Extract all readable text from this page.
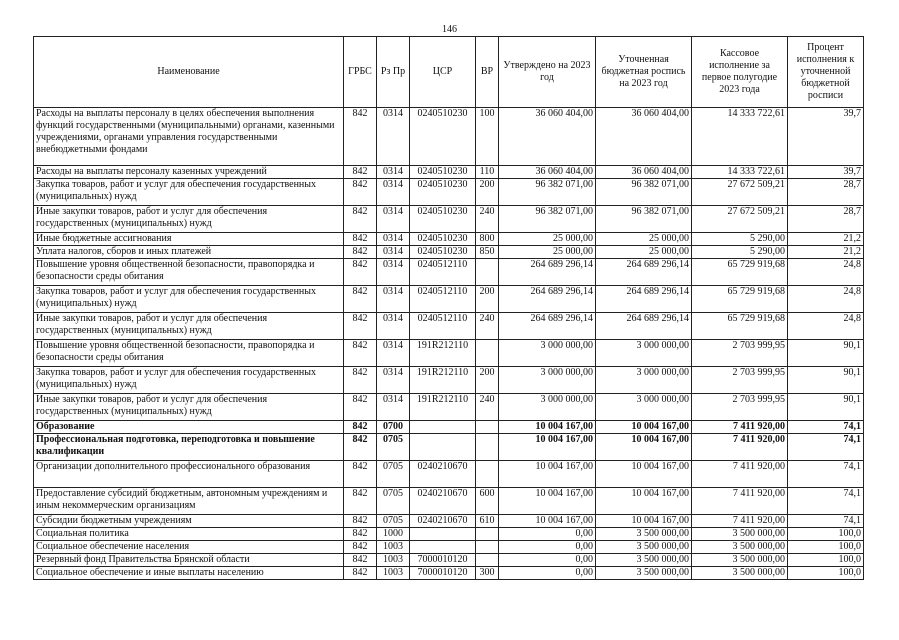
146
Наименование	ГРБС	Рз Пр	ЦСР	ВР	Утверждено на 2023 год	Уточненная бюджетная роспись на 2023 год	Кассовое исполнение за первое полугодие 2023 года	Процент исполнения к уточненной бюджетной росписи
Расходы на выплаты персоналу в целях обеспечения выполнения функций государственными (муниципальными) органами, казенными учреждениями, органами управления государственными внебюджетными фондами	842	0314	0240510230	100	36 060 404,00	36 060 404,00	14 333 722,61	39,7
Расходы на выплаты персоналу казенных учреждений	842	0314	0240510230	110	36 060 404,00	36 060 404,00	14 333 722,61	39,7
Закупка товаров, работ и услуг для обеспечения государственных (муниципальных) нужд	842	0314	0240510230	200	96 382 071,00	96 382 071,00	27 672 509,21	28,7
Иные закупки товаров, работ и услуг для обеспечения государственных (муниципальных) нужд	842	0314	0240510230	240	96 382 071,00	96 382 071,00	27 672 509,21	28,7
Иные бюджетные ассигнования	842	0314	0240510230	800	25 000,00	25 000,00	5 290,00	21,2
Уплата налогов, сборов и иных платежей	842	0314	0240510230	850	25 000,00	25 000,00	5 290,00	21,2
Повышение уровня общественной безопасности, правопорядка и безопасности среды обитания	842	0314	0240512110		264 689 296,14	264 689 296,14	65 729 919,68	24,8
Закупка товаров, работ и услуг для обеспечения государственных (муниципальных) нужд	842	0314	0240512110	200	264 689 296,14	264 689 296,14	65 729 919,68	24,8
Иные закупки товаров, работ и услуг для обеспечения государственных (муниципальных) нужд	842	0314	0240512110	240	264 689 296,14	264 689 296,14	65 729 919,68	24,8
Повышение уровня общественной безопасности, правопорядка и безопасности среды обитания	842	0314	191R212110		3 000 000,00	3 000 000,00	2 703 999,95	90,1
Закупка товаров, работ и услуг для обеспечения государственных (муниципальных) нужд	842	0314	191R212110	200	3 000 000,00	3 000 000,00	2 703 999,95	90,1
Иные закупки товаров, работ и услуг для обеспечения государственных (муниципальных) нужд	842	0314	191R212110	240	3 000 000,00	3 000 000,00	2 703 999,95	90,1
Образование	842	0700			10 004 167,00	10 004 167,00	7 411 920,00	74,1
Профессиональная подготовка, переподготовка и повышение квалификации	842	0705			10 004 167,00	10 004 167,00	7 411 920,00	74,1
Организации дополнительного профессионального образования	842	0705	0240210670		10 004 167,00	10 004 167,00	7 411 920,00	74,1
Предоставление субсидий бюджетным, автономным учреждениям и иным некоммерческим организациям	842	0705	0240210670	600	10 004 167,00	10 004 167,00	7 411 920,00	74,1
Субсидии бюджетным учреждениям	842	0705	0240210670	610	10 004 167,00	10 004 167,00	7 411 920,00	74,1
Социальная политика	842	1000			0,00	3 500 000,00	3 500 000,00	100,0
Социальное обеспечение населения	842	1003			0,00	3 500 000,00	3 500 000,00	100,0
Резервный фонд Правительства Брянской области	842	1003	7000010120		0,00	3 500 000,00	3 500 000,00	100,0
Социальное обеспечение и иные выплаты населению	842	1003	7000010120	300	0,00	3 500 000,00	3 500 000,00	100,0
